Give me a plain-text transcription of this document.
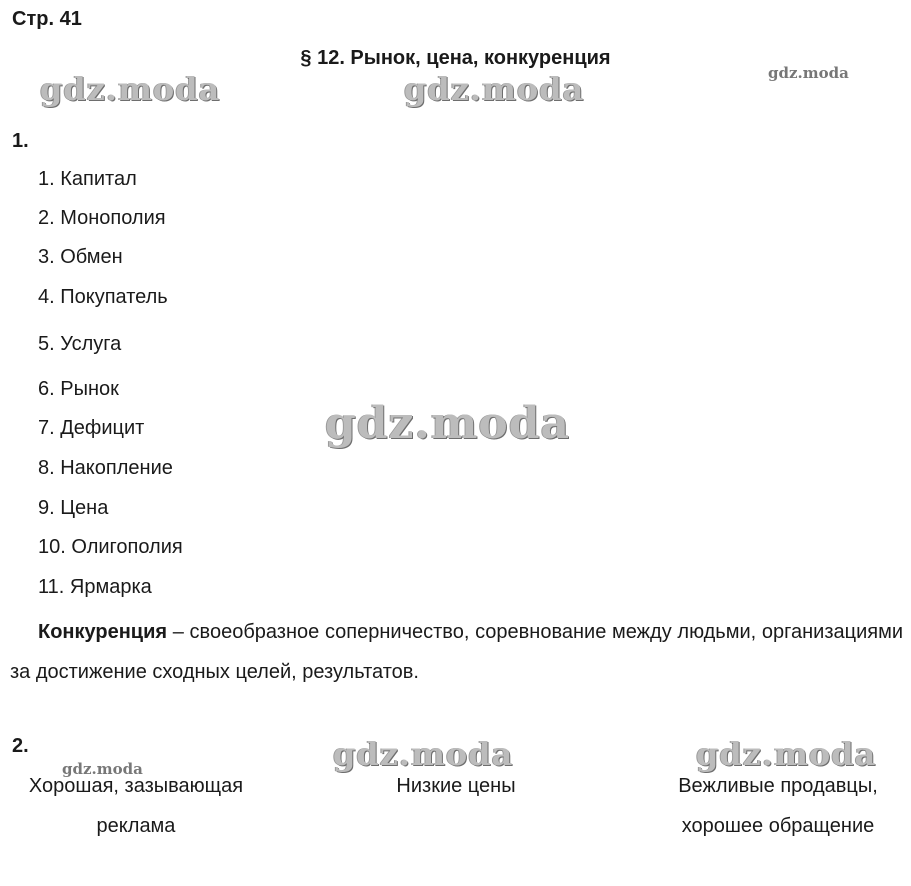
Стр. 41
§ 12. Рынок, цена, конкуренция
gdz.moda	gdz.moda	gdz.moda
gdz.moda
gdz.moda	gdz.moda	gdz.moda
1.
1. Капитал
2. Монополия
3. Обмен
4. Покупатель
5. Услуга
6. Рынок
7. Дефицит
8. Накопление
9. Цена
10. Олигополия
11. Ярмарка
Конкуренция – своеобразное соперничество, соревнование между людьми, организациями за достижение сходных целей, результатов.
2.
Хорошая, зазывающая реклама
Низкие цены	Вежливые продавцы, хорошее обращение
